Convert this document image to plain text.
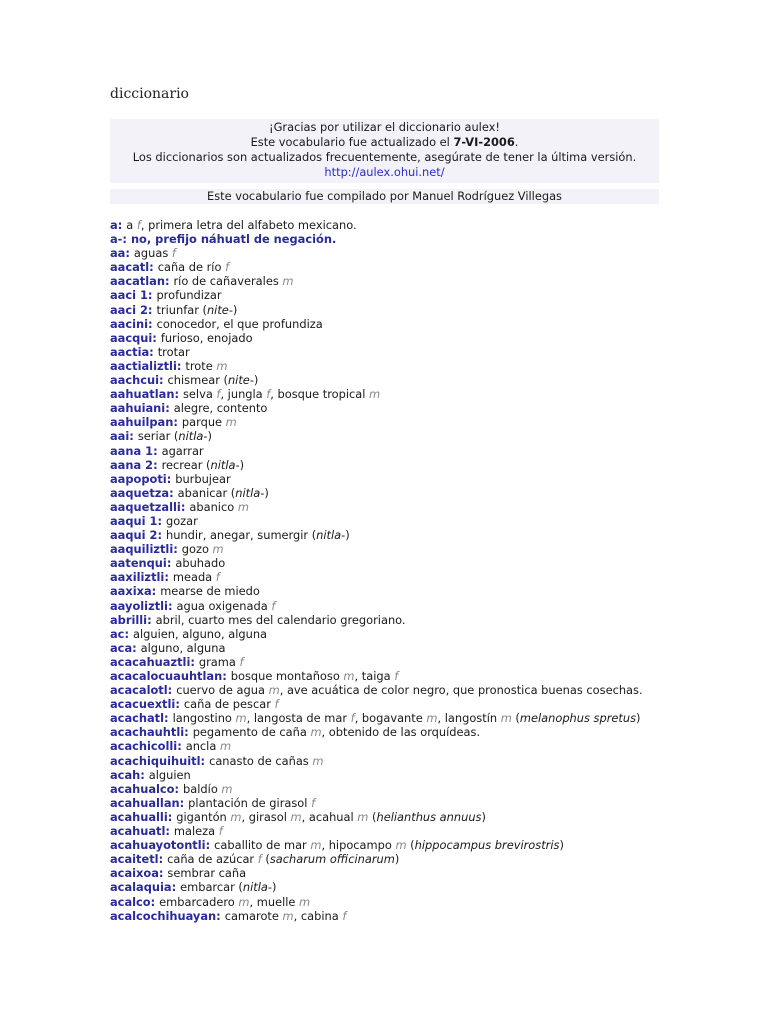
diccionario
¡Gracias por utilizar el diccionario aulex!
Este vocabulario fue actualizado el 7-VI-2006.
Los diccionarios son actualizados frecuentemente, asegúrate de tener la última versión.
http://aulex.ohui.net/
Este vocabulario fue compilado por Manuel Rodríguez Villegas
a: a f, primera letra del alfabeto mexicano.
a-: no, prefijo náhuatl de negación.
aa: aguas f
aacatl: caña de río f
aacatlan: río de cañaverales m
aaci 1: profundizar
aaci 2: triunfar (nite-)
aacini: conocedor, el que profundiza
aacqui: furioso, enojado
aactia: trotar
aactializtli: trote m
aachcui: chismear (nite-)
aahuatlan: selva f, jungla f, bosque tropical m
aahuiani: alegre, contento
aahuilpan: parque m
aai: seriar (nitla-)
aana 1: agarrar
aana 2: recrear (nitla-)
aapopoti: burbujear
aaquetza: abanicar (nitla-)
aaquetzalli: abanico m
aaqui 1: gozar
aaqui 2: hundir, anegar, sumergir (nitla-)
aaquiliztli: gozo m
aatenqui: abuhado
aaxiliztli: meada f
aaxixa: mearse de miedo
aayoliztli: agua oxigenada f
abrilli: abril, cuarto mes del calendario gregoriano.
ac: alguien, alguno, alguna
aca: alguno, alguna
acacahuaztli: grama f
acacalocuauhtlan: bosque montañoso m, taiga f
acacalotl: cuervo de agua m, ave acuática de color negro, que pronostica buenas cosechas.
acacuextli: caña de pescar f
acachatl: langostino m, langosta de mar f, bogavante m, langostín m (melanophus spretus)
acachauhtli: pegamento de caña m, obtenido de las orquídeas.
acachicolli: ancla m
acachiquihuitl: canasto de cañas m
acah: alguien
acahualco: baldío m
acahuallan: plantación de girasol f
acahualli: gigantón m, girasol m, acahual m (helianthus annuus)
acahuatl: maleza f
acahuayotontli: caballito de mar m, hipocampo m (hippocampus brevirostris)
acaitetl: caña de azúcar f (sacharum officinarum)
acaixoa: sembrar caña
acalaquia: embarcar (nitla-)
acalco: embarcadero m, muelle m
acalcochihuayan: camarote m, cabina f
